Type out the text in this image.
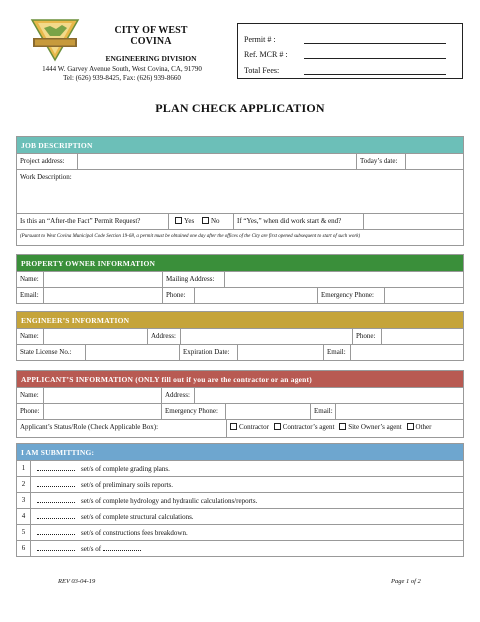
CITY OF WEST COVINA
ENGINEERING DIVISION
1444 W. Garvey Avenue South, West Covina, CA, 91790
Tel: (626) 939-8425, Fax: (626) 939-8660
Permit # :
Ref. MCR # :
Total Fees:
PLAN CHECK APPLICATION
JOB DESCRIPTION
Project address:	Today’s date:
Work Description:
Is this an “After-the Fact” Permit Request?	Yes No	If “Yes,” when did work start & end?
(Pursuant to West Covina Municipal Code Section 19-68, a permit must be obtained one day after the offices of the City are first opened subsequent to start of such work)
PROPERTY OWNER INFORMATION
Name:	Mailing Address:
Email:	Phone:	Emergency Phone:
ENGINEER’S INFORMATION
Name:	Address:	Phone:
State License No.:	Expiration Date:	Email:
APPLICANT’S INFORMATION (ONLY fill out if you are the contractor or an agent)
Name:	Address:
Phone:	Emergency Phone:	Email:
Applicant’s Status/Role (Check Applicable Box):	Contractor Contractor’s agent Site Owner’s agent Other
I AM SUBMITTING:
1	set/s of complete grading plans.
2	set/s of preliminary soils reports.
3	set/s of complete hydrology and hydraulic calculations/reports.
4	set/s of complete structural calculations.
5	set/s of constructions fees breakdown.
6	set/s of
REV 03-04-19	Page 1 of 2
